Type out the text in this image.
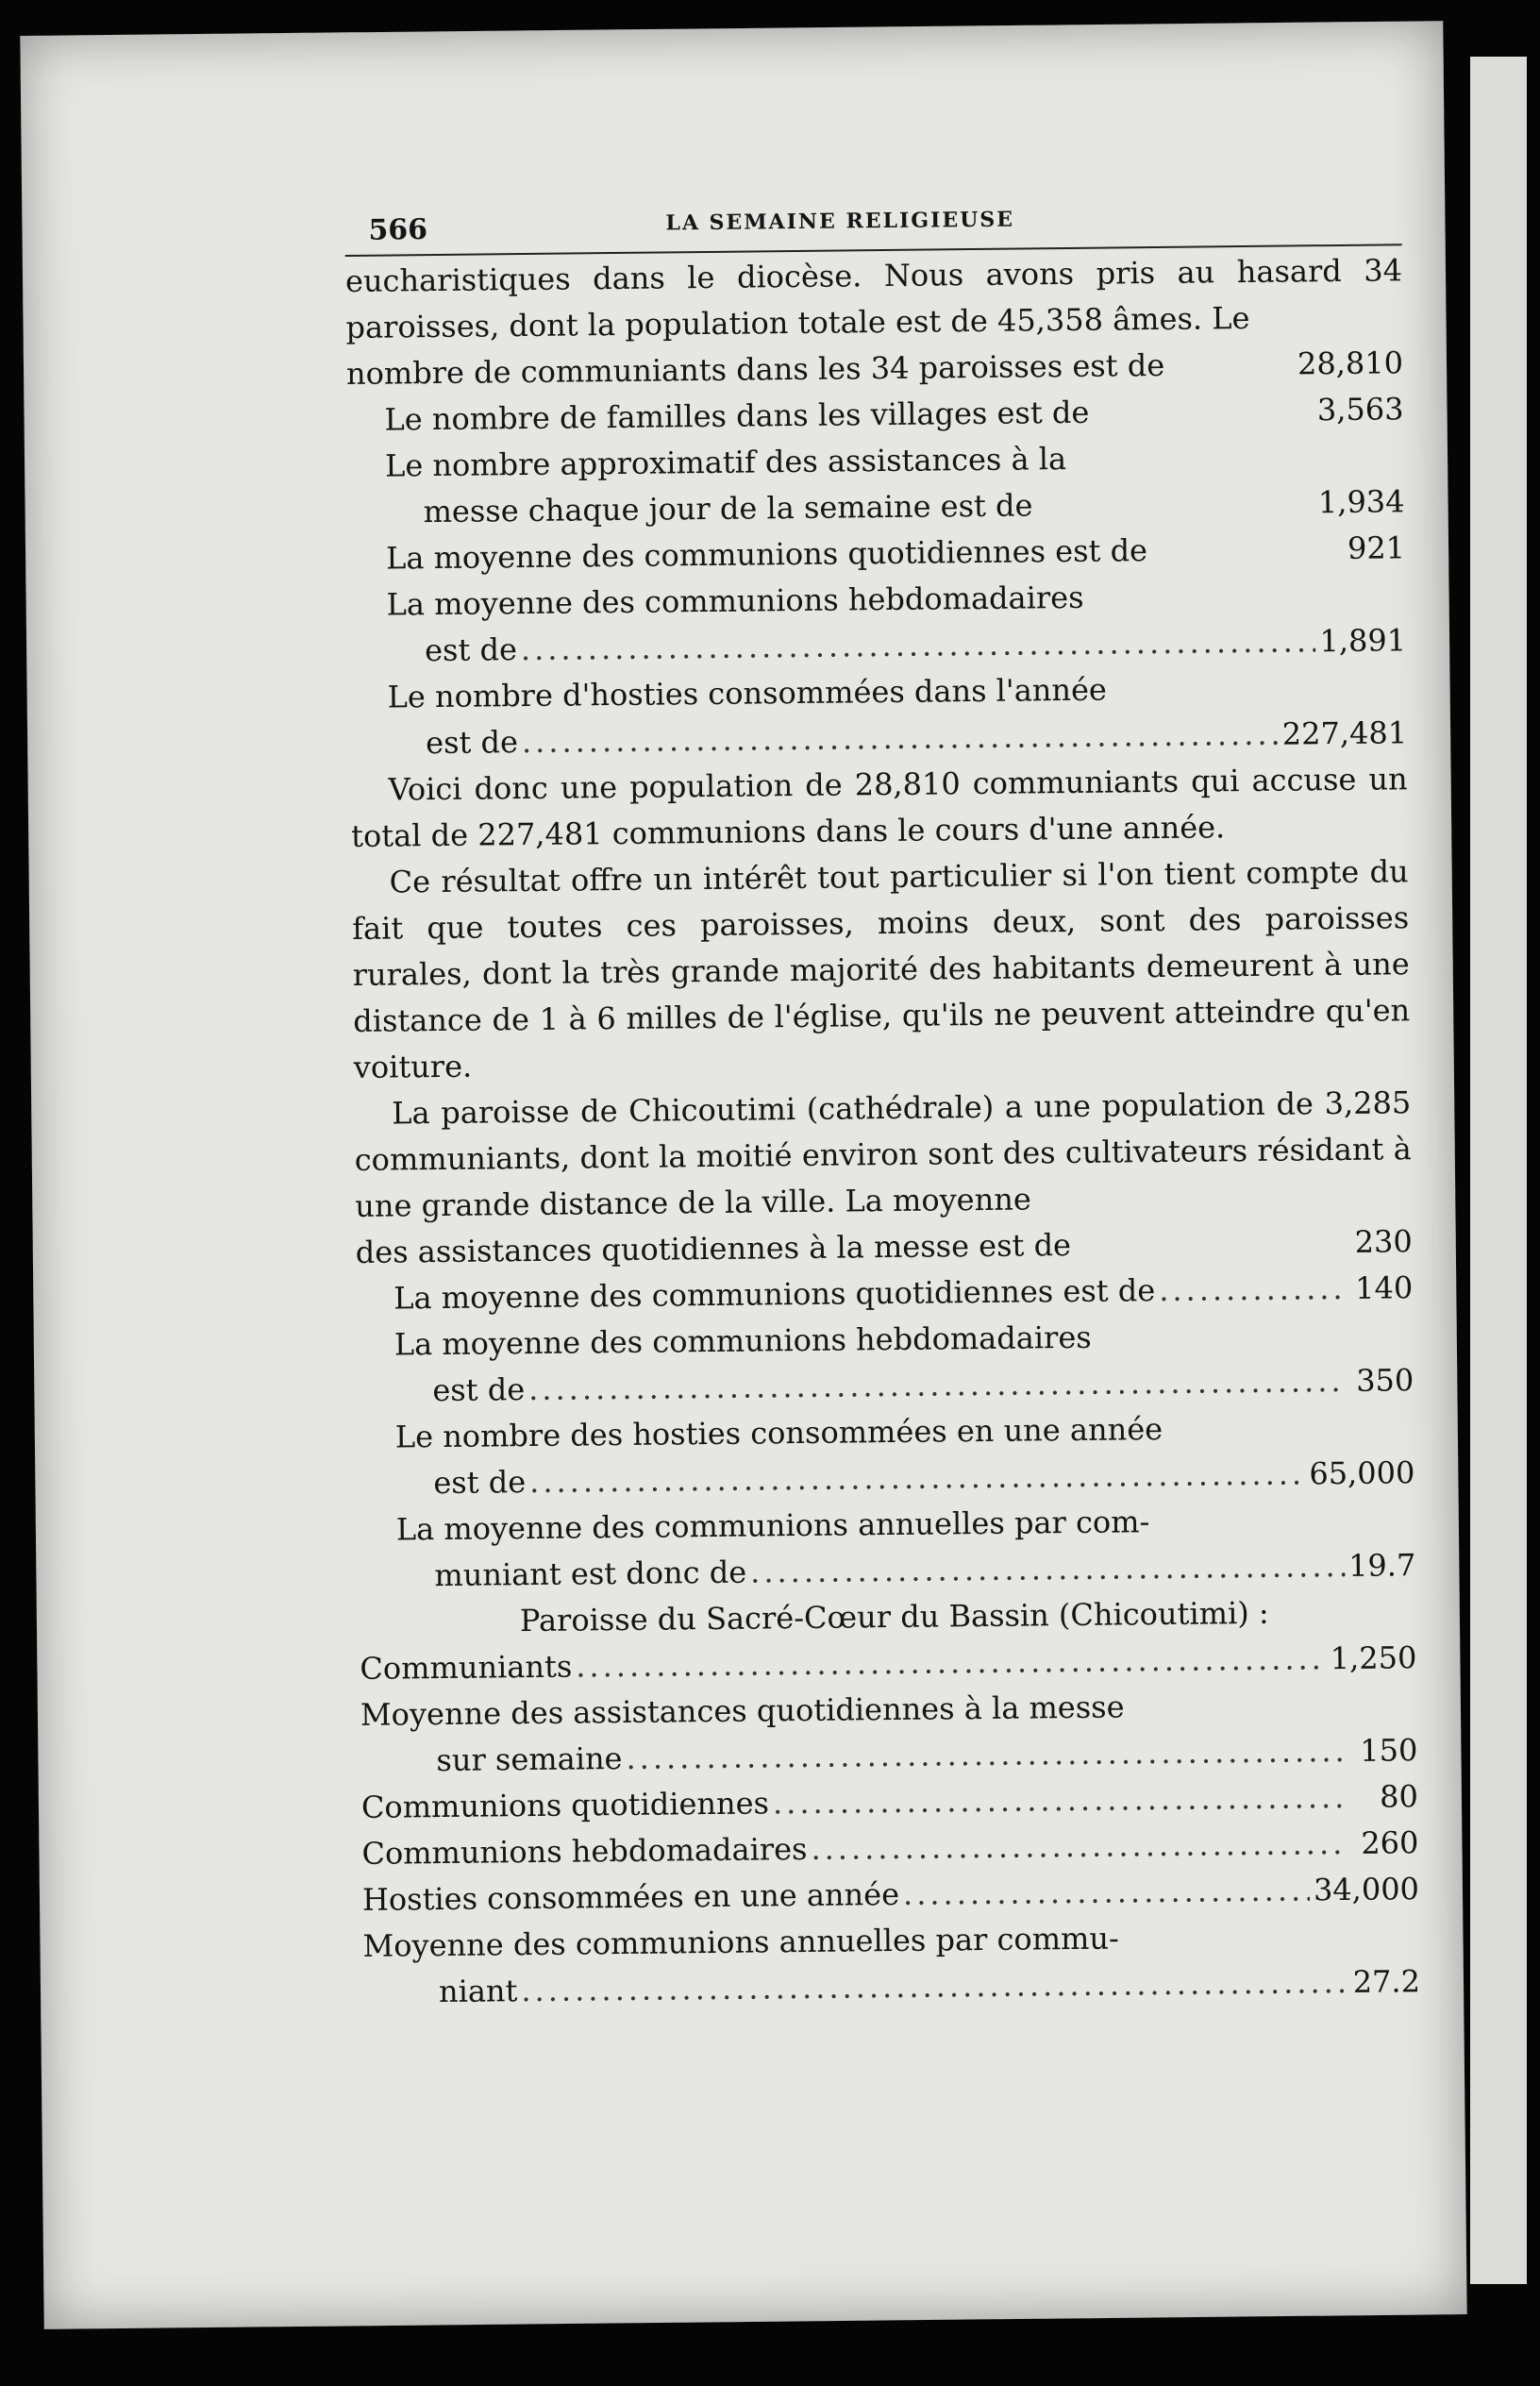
566	LA SEMAINE RELIGIEUSE
eucharistiques dans le diocèse. Nous avons pris au hasard 34 paroisses, dont la population totale est de 45,358 âmes. Le
nombre de communiants dans les 34 paroisses est de	28,810
Le nombre de familles dans les villages est de	3,563
Le nombre approximatif des assistances à la
messe chaque jour de la semaine est de	1,934
La moyenne des communions quotidiennes est de	921
La moyenne des communions hebdomadaires
est de .....	1,891
Le nombre d'hosties consommées dans l'année
est de .....	227,481
Voici donc une population de 28,810 communiants qui accuse un total de 227,481 communions dans le cours d'une année.
Ce résultat offre un intérêt tout particulier si l'on tient compte du fait que toutes ces paroisses, moins deux, sont des paroisses rurales, dont la très grande majorité des habitants demeurent à une distance de 1 à 6 milles de l'église, qu'ils ne peuvent atteindre qu'en voiture.
La paroisse de Chicoutimi (cathédrale) a une population de 3,285 communiants, dont la moitié environ sont des cultivateurs résidant à une grande distance de la ville. La moyenne
des assistances quotidiennes à la messe est de	230
La moyenne des communions quotidiennes est de .....	140
La moyenne des communions hebdomadaires
est de .....	350
Le nombre des hosties consommées en une année
est de .....	65,000
La moyenne des communions annuelles par com-
muniant est donc de .....	19.7
Paroisse du Sacré-Cœur du Bassin (Chicoutimi) :
Communiants .....	1,250
Moyenne des assistances quotidiennes à la messe
sur semaine .....	150
Communions quotidiennes .....	80
Communions hebdomadaires .....	260
Hosties consommées en une année .....	34,000
Moyenne des communions annuelles par commu-
niant .....	27.2
